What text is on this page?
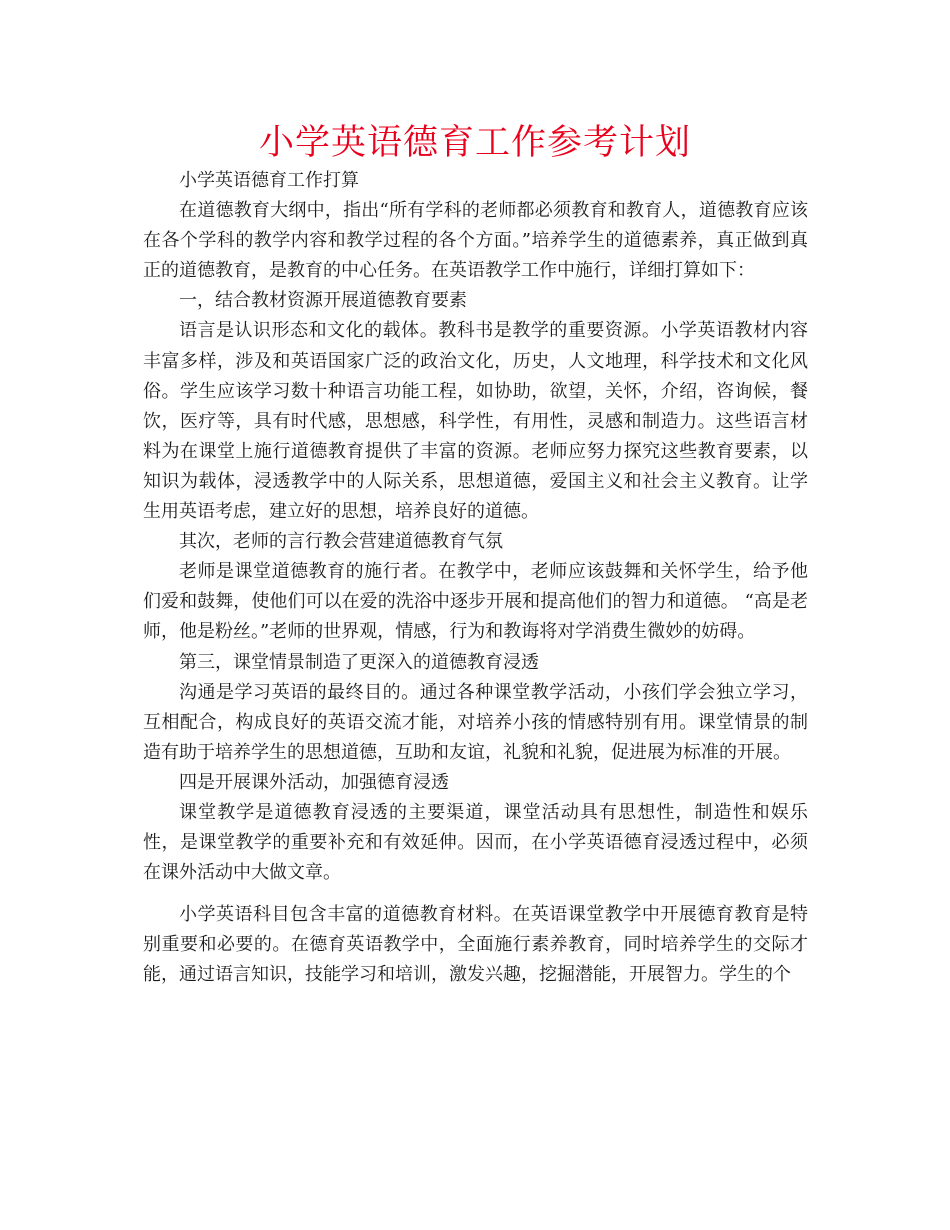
小学英语德育工作参考计划

小学英语德育工作打算

在道德教育大纲中，指出“所有学科的老师都必须教育和教育人，道德教育应该在各个学科的教学内容和教学过程的各个方面。”培养学生的道德素养，真正做到真正的道德教育，是教育的中心任务。在英语教学工作中施行，详细打算如下：

一，结合教材资源开展道德教育要素

语言是认识形态和文化的载体。教科书是教学的重要资源。小学英语教材内容丰富多样，涉及和英语国家广泛的政治文化，历史，人文地理，科学技术和文化风俗。学生应该学习数十种语言功能工程，如协助，欲望，关怀，介绍，咨询候，餐饮，医疗等，具有时代感，思想感，科学性，有用性，灵感和制造力。这些语言材料为在课堂上施行道德教育提供了丰富的资源。老师应努力探究这些教育要素，以知识为载体，浸透教学中的人际关系，思想道德，爱国主义和社会主义教育。让学生用英语考虑，建立好的思想，培养良好的道德。

其次，老师的言行教会营建道德教育气氛

老师是课堂道德教育的施行者。在教学中，老师应该鼓舞和关怀学生，给予他们爱和鼓舞，使他们可以在爱的洗浴中逐步开展和提高他们的智力和道德。 “高是老师，他是粉丝。”老师的世界观，情感，行为和教诲将对学消费生微妙的妨碍。

第三，课堂情景制造了更深入的道德教育浸透

沟通是学习英语的最终目的。通过各种课堂教学活动，小孩们学会独立学习，互相配合，构成良好的英语交流才能，对培养小孩的情感特别有用。课堂情景的制造有助于培养学生的思想道德，互助和友谊，礼貌和礼貌，促进展为标准的开展。

四是开展课外活动，加强德育浸透

课堂教学是道德教育浸透的主要渠道，课堂活动具有思想性，制造性和娱乐性，是课堂教学的重要补充和有效延伸。因而，在小学英语德育浸透过程中，必须在课外活动中大做文章。

小学英语科目包含丰富的道德教育材料。在英语课堂教学中开展德育教育是特别重要和必要的。在德育英语教学中，全面施行素养教育，同时培养学生的交际才能，通过语言知识，技能学习和培训，激发兴趣，挖掘潜能，开展智力。学生的个
